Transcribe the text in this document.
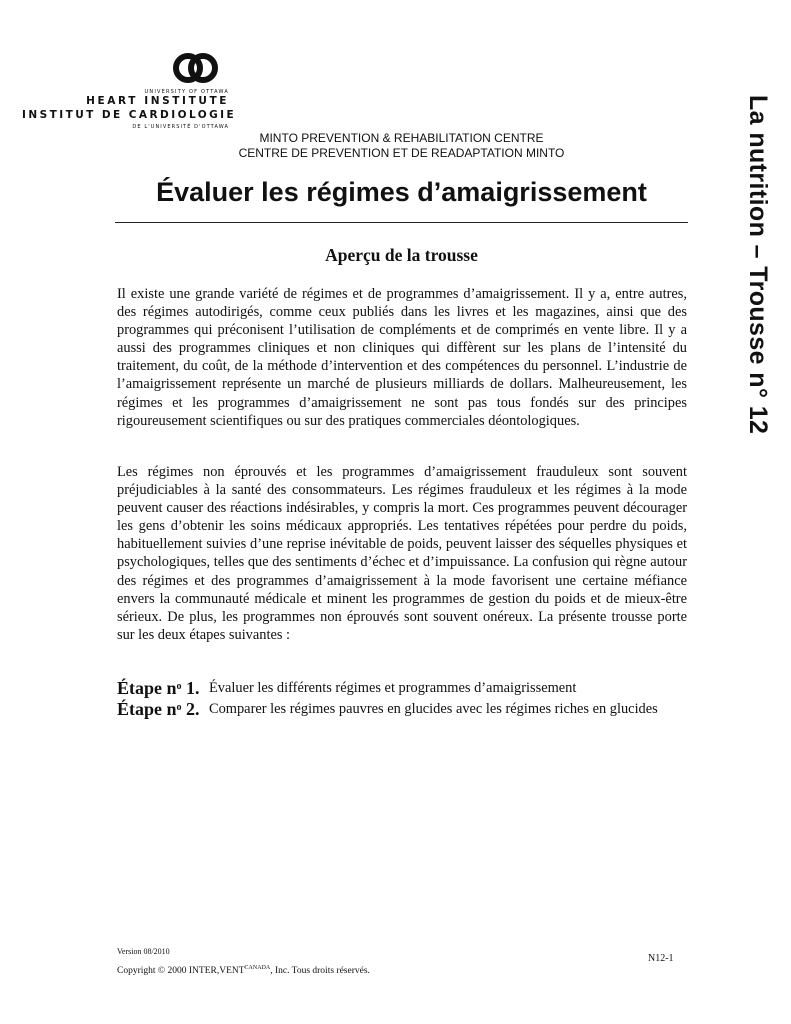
UNIVERSITY OF OTTAWA
HEART INSTITUTE
INSTITUT DE CARDIOLOGIE
DE L'UNIVERSITÉ D'OTTAWA
MINTO PREVENTION & REHABILITATION CENTRE
CENTRE DE PREVENTION ET DE READAPTATION MINTO
Évaluer les régimes d’amaigrissement
Aperçu de la trousse

Il existe une grande variété de régimes et de programmes d’amaigrissement. Il y a, entre autres, des régimes autodirigés, comme ceux publiés dans les livres et les magazines, ainsi que des programmes qui préconisent l’utilisation de compléments et de comprimés en vente libre. Il y a aussi des programmes cliniques et non cliniques qui diffèrent sur les plans de l’intensité du traitement, du coût, de la méthode d’intervention et des compétences du personnel. L’industrie de l’amaigrissement représente un marché de plusieurs milliards de dollars. Malheureusement, les régimes et les programmes d’amaigrissement ne sont pas tous fondés sur des principes rigoureusement scientifiques ou sur des pratiques commerciales déontologiques.

Les régimes non éprouvés et les programmes d’amaigrissement frauduleux sont souvent préjudiciables à la santé des consommateurs. Les régimes frauduleux et les régimes à la mode peuvent causer des réactions indésirables, y compris la mort. Ces programmes peuvent décourager les gens d’obtenir les soins médicaux appropriés. Les tentatives répétées pour perdre du poids, habituellement suivies d’une reprise inévitable de poids, peuvent laisser des séquelles physiques et psychologiques, telles que des sentiments d’échec et d’impuissance. La confusion qui règne autour des régimes et des programmes d’amaigrissement à la mode favorisent une certaine méfiance envers la communauté médicale et minent les programmes de gestion du poids et de mieux-être sérieux. De plus, les programmes non éprouvés sont souvent onéreux. La présente trousse porte sur les deux étapes suivantes :

Étape $n^o$ 1. Évaluer les différents régimes et programmes d’amaigrissement
Étape $n^o$ 2. Comparer les régimes pauvres en glucides avec les régimes riches en glucides
La nutrition – Trousse n° 12
Version 08/2010
Copyright © 2000 $INTER,VENT^{CANADA}$, Inc. Tous droits réservés.
N12-1
